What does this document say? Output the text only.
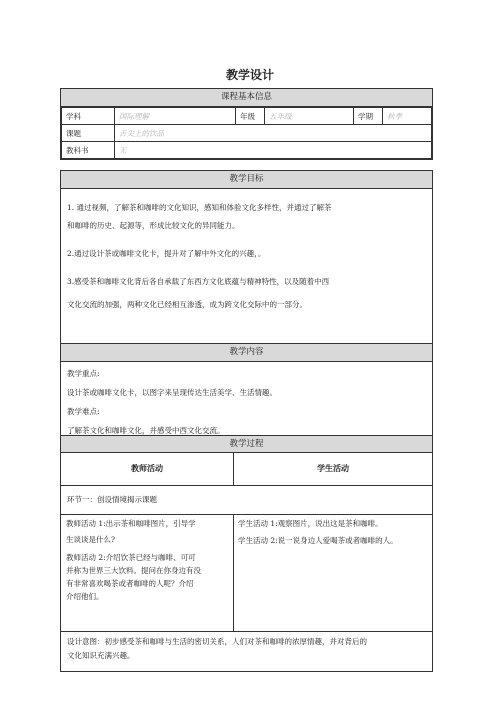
教学设计
课程基本信息
学科	国际理解	年级	五年级	学期	秋季
课题	舌尖上的饮品				
教科书	无				
教学目标
1. 通过视频，了解茶和咖啡的文化知识，感知和体验文化多样性，并通过了解茶
和咖啡的历史、起源等，形成比较文化的异同能力。
2.通过设计茶或咖啡文化卡，提升对了解中外文化的兴趣，。
3.感受茶和咖啡文化背后各自承载了东西方文化底蕴与精神特性，以及随着中西
文化交流的加强，两种文化已经相互渗透，成为跨文化交际中的一部分。
教学内容
教学重点:
设计茶或咖啡文化卡，以图字来呈现传达生活美学、生活情趣。
教学难点:
了解茶文化和咖啡文化，并感受中西文化交流。
教学过程
教师活动	学生活动
环节一：创设情境揭示课题
教师活动 1:出示茶和咖啡图片，引导学
生谈谈是什么?
教师活动 2:介绍饮茶已经与咖啡、可可
并称为世界三大饮料。提问在你身边有没
有非常喜欢喝茶或者咖啡的人呢？介绍
介绍他们。
学生活动 1:观察图片，说出这是茶和咖啡。
学生活动 2:说一说身边人爱喝茶或者咖啡的人。
设计意图：初步感受茶和咖啡与生活的密切关系，人们对茶和咖啡的浓厚情趣，并对背后的
文化知识充满兴趣。
